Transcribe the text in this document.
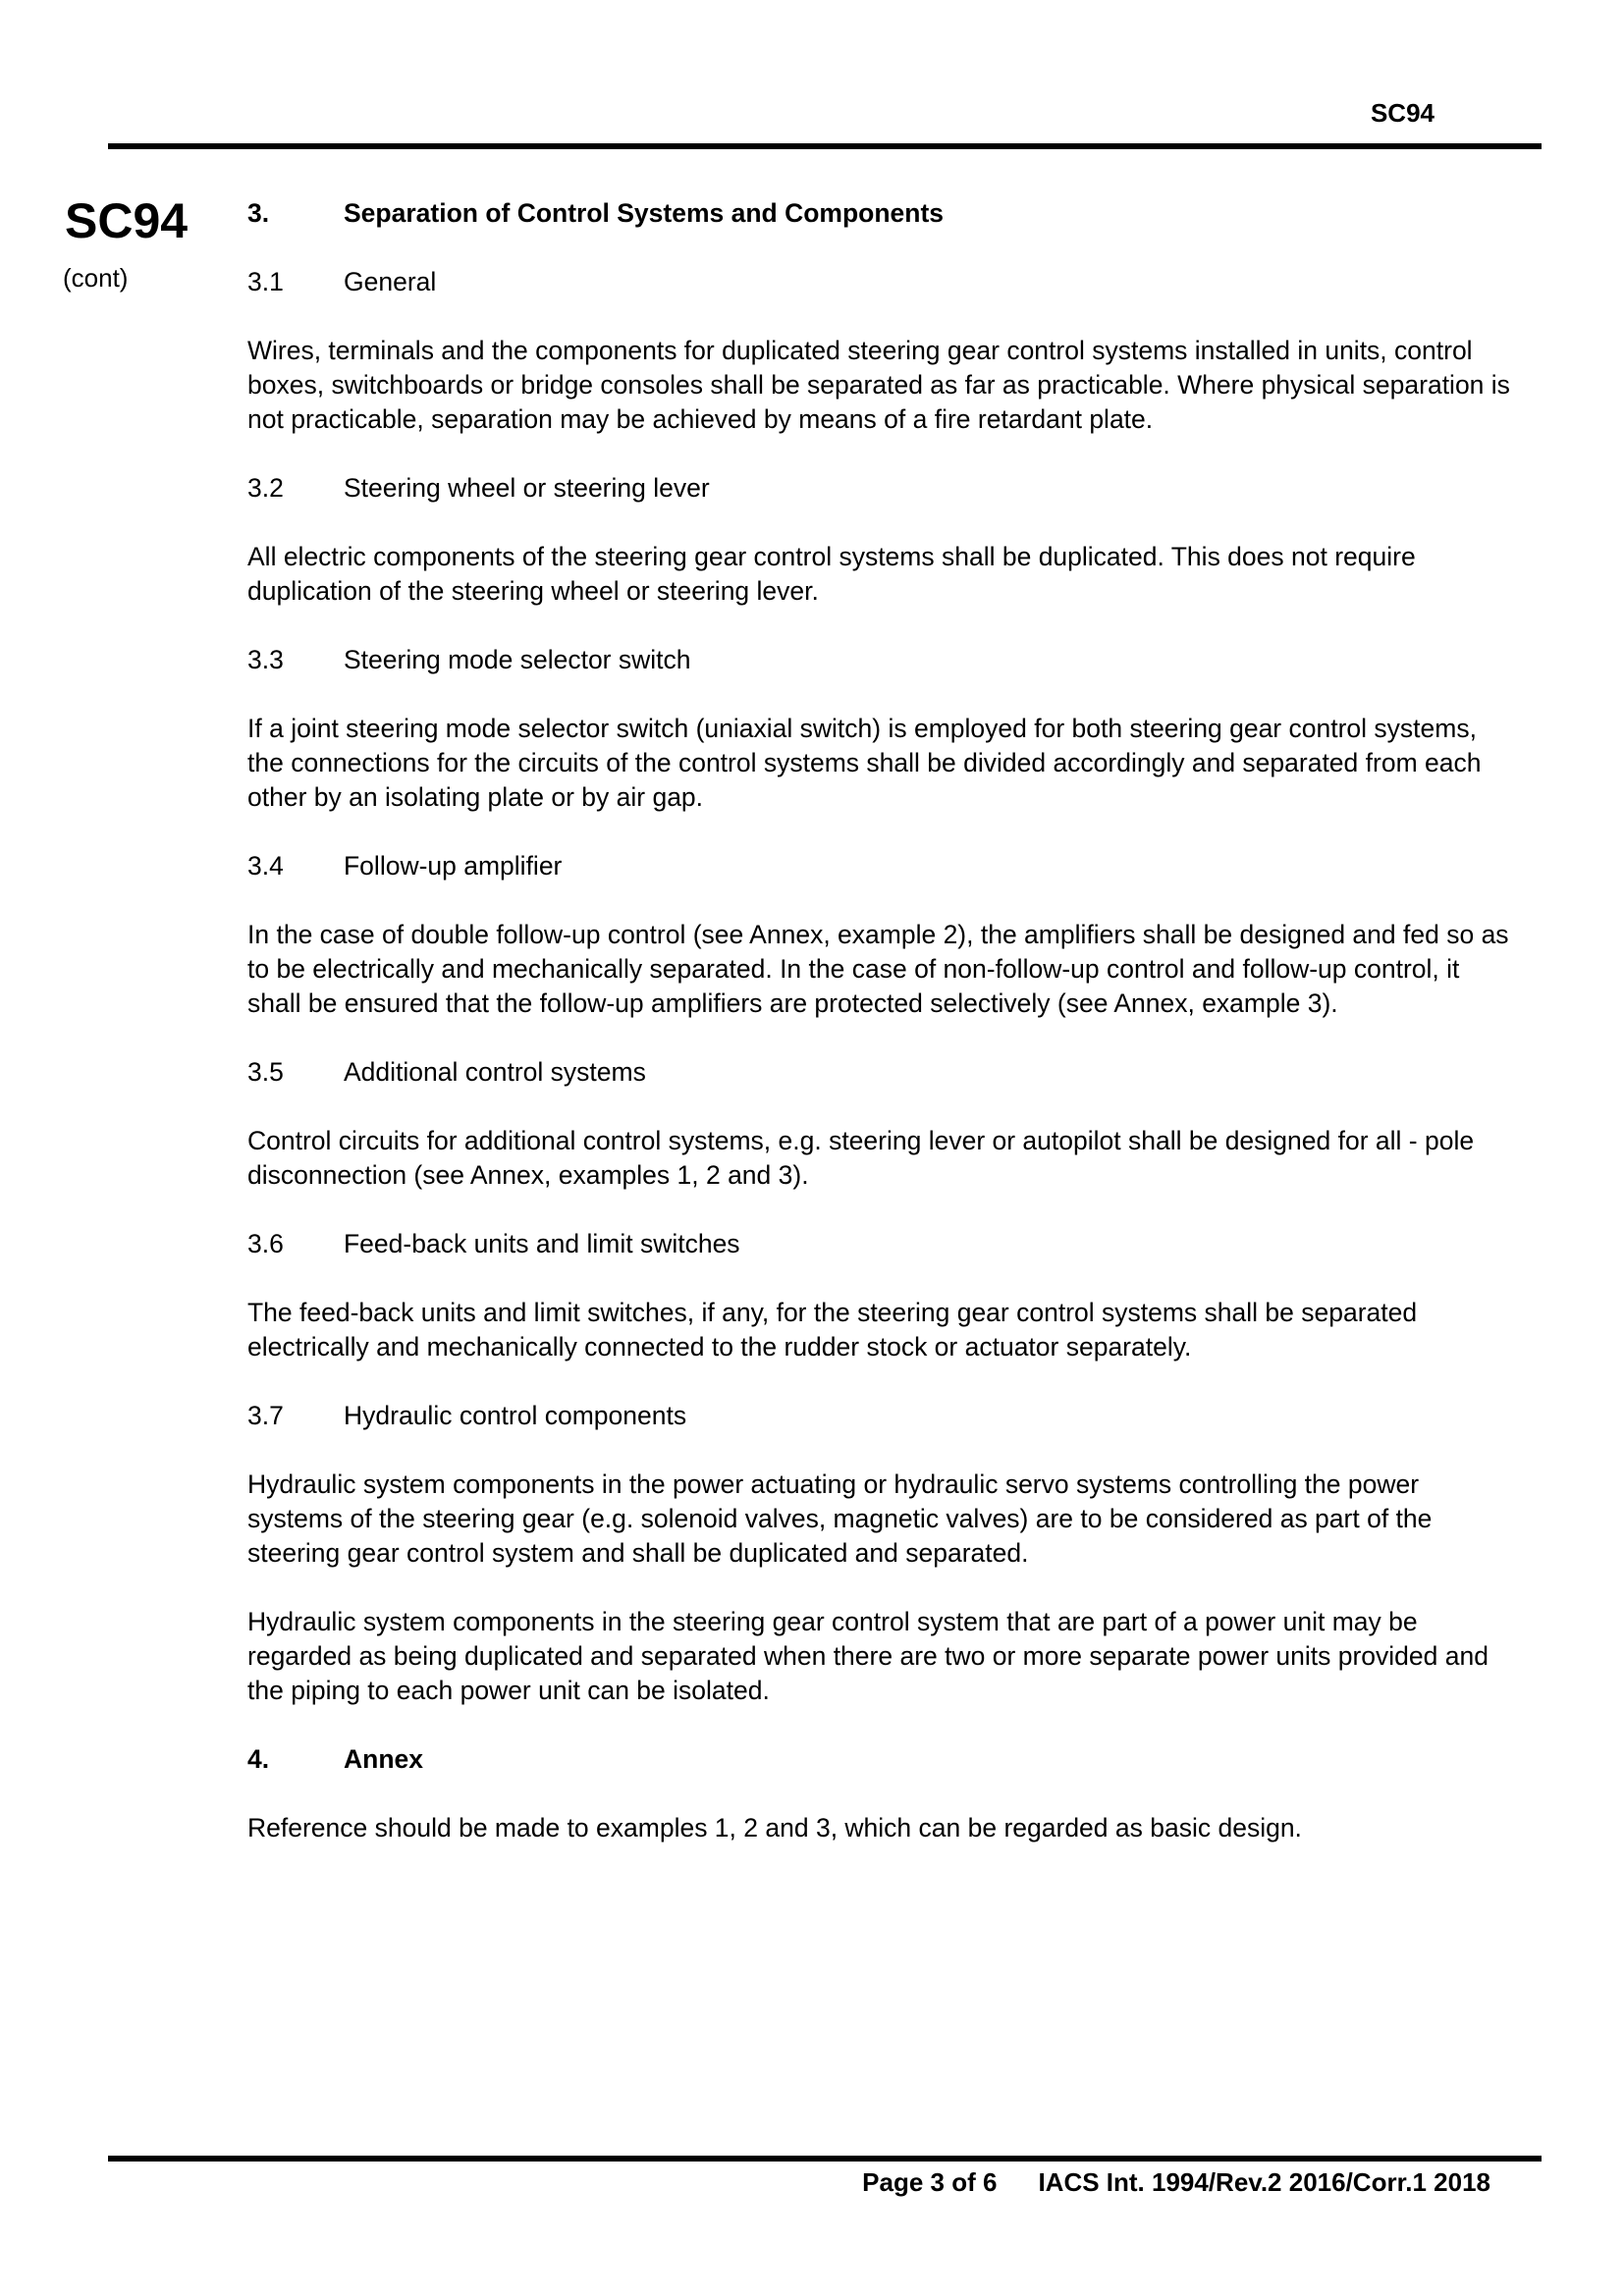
SC94
SC94
(cont)
3.	Separation of Control Systems and Components
3.1	General

Wires, terminals and the components for duplicated steering gear control systems installed in units, control boxes, switchboards or bridge consoles shall be separated as far as practicable. Where physical separation is not practicable, separation may be achieved by means of a fire retardant plate.

3.2	Steering wheel or steering lever

All electric components of the steering gear control systems shall be duplicated. This does not require duplication of the steering wheel or steering lever.

3.3	Steering mode selector switch

If a joint steering mode selector switch (uniaxial switch) is employed for both steering gear control systems, the connections for the circuits of the control systems shall be divided accordingly and separated from each other by an isolating plate or by air gap.

3.4	Follow-up amplifier

In the case of double follow-up control (see Annex, example 2), the amplifiers shall be designed and fed so as to be electrically and mechanically separated. In the case of non-follow-up control and follow-up control, it shall be ensured that the follow-up amplifiers are protected selectively (see Annex, example 3).

3.5	Additional control systems

Control circuits for additional control systems, e.g. steering lever or autopilot shall be designed for all - pole disconnection (see Annex, examples 1, 2 and 3).

3.6	Feed-back units and limit switches

The feed-back units and limit switches, if any, for the steering gear control systems shall be separated electrically and mechanically connected to the rudder stock or actuator separately.

3.7	Hydraulic control components

Hydraulic system components in the power actuating or hydraulic servo systems controlling the power systems of the steering gear (e.g. solenoid valves, magnetic valves) are to be considered as part of the steering gear control system and shall be duplicated and separated.

Hydraulic system components in the steering gear control system that are part of a power unit may be regarded as being duplicated and separated when there are two or more separate power units provided and the piping to each power unit can be isolated.

4.	Annex

Reference should be made to examples 1, 2 and 3, which can be regarded as basic design.

Page 3 of 6 IACS Int. 1994/Rev.2 2016/Corr.1 2018
